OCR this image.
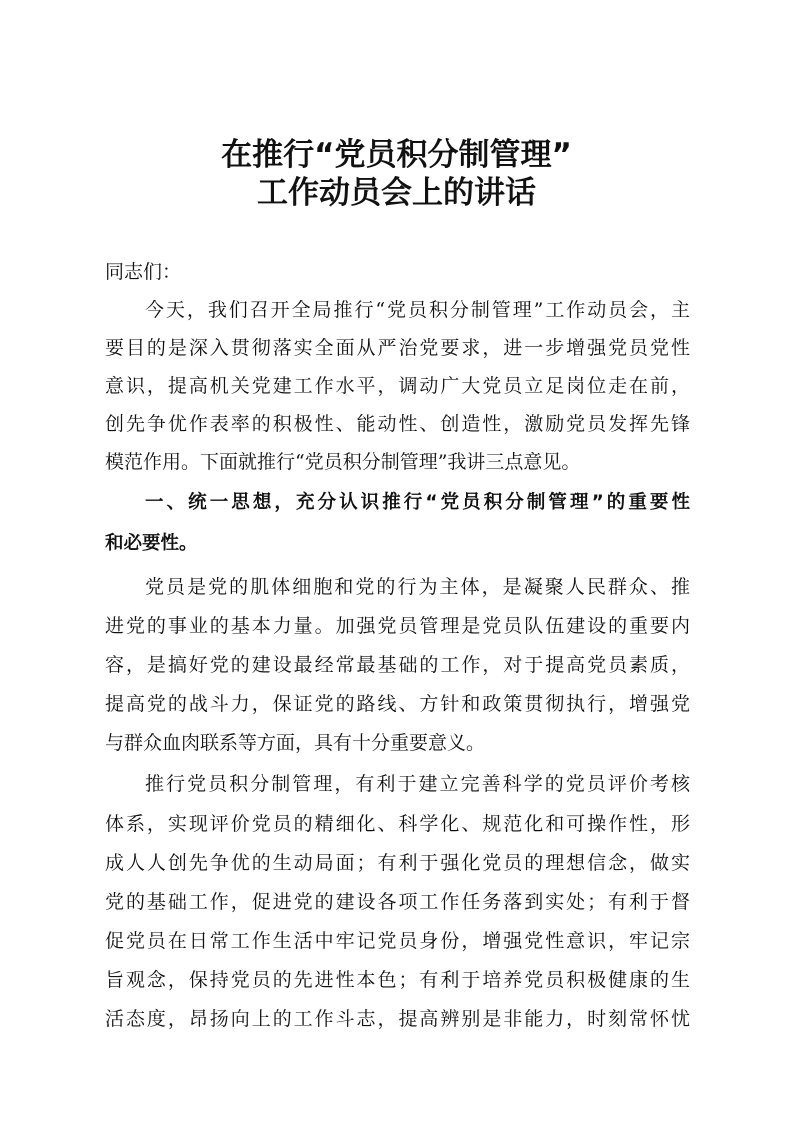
在推行“党员积分制管理”
工作动员会上的讲话
同志们：
今天，我们召开全局推行“党员积分制管理”工作动员会，主
要目的是深入贯彻落实全面从严治党要求，进一步增强党员党性
意识，提高机关党建工作水平，调动广大党员立足岗位走在前，
创先争优作表率的积极性、能动性、创造性，激励党员发挥先锋
模范作用。下面就推行“党员积分制管理”我讲三点意见。
一、统一思想，充分认识推行“党员积分制管理”的重要性
和必要性。
党员是党的肌体细胞和党的行为主体，是凝聚人民群众、推
进党的事业的基本力量。加强党员管理是党员队伍建设的重要内
容，是搞好党的建设最经常最基础的工作，对于提高党员素质，
提高党的战斗力，保证党的路线、方针和政策贯彻执行，增强党
与群众血肉联系等方面，具有十分重要意义。
推行党员积分制管理，有利于建立完善科学的党员评价考核
体系，实现评价党员的精细化、科学化、规范化和可操作性，形
成人人创先争优的生动局面；有利于强化党员的理想信念，做实
党的基础工作，促进党的建设各项工作任务落到实处；有利于督
促党员在日常工作生活中牢记党员身份，增强党性意识，牢记宗
旨观念，保持党员的先进性本色；有利于培养党员积极健康的生
活态度，昂扬向上的工作斗志，提高辨别是非能力，时刻常怀忧
